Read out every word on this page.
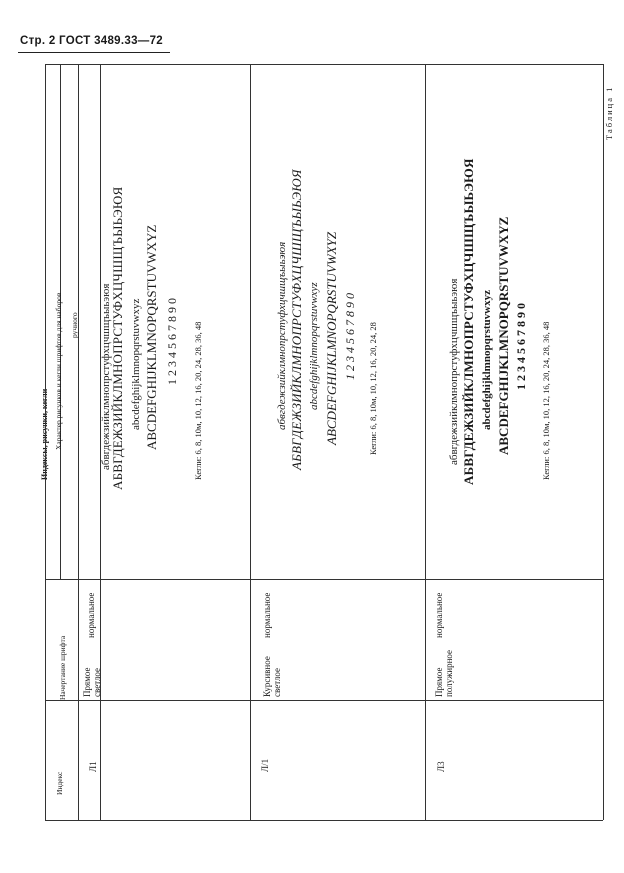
Стр. 2 ГОСТ 3489.33—72
Таблица 1
Индексы, рисунки, кегли
Индекс
Начертание шрифта
Характер рисунков и кегли шрифтов для наборов ручного
Л1
Прямое светлое
нормальное
абвгдежзийклмнопрстуфхцчшщъыьэюя
АБВГДЕЖЗИЙКЛМНОПРСТУФХЦЧШЩЪЫЬЭЮЯ abcdefghijklmnopqrstuvwxyz ABCDEFGHIJKLMNOPQRSTUVWXYZ 1234567890 Кегли: 6, 8, 10м, 10, 12, 16, 20, 24, 28, 36, 48
Л/1
Курсивное светлое
нормальное
абвгдежзийклмнопрстуфхцчшщъыьэюя АБВГДЕЖЗИЙКЛМНОПРСТУФХЦЧШЩЪЫЬЭЮЯ abcdefghijklmnopqrstuvwxyz ABCDEFGHIJKLMNOPQRSTUVWXYZ 1234567890 Кегли: 6, 8, 10м, 10, 12, 16, 20, 24, 28
Л3
Прямое полужирное
нормальное
абвгдежзийклмнопрстуфхцчшщъыьэюя АБВГДЕЖЗИЙКЛМНОПРСТУФХЦЧШЩЪЫЬЭЮЯ abcdefghijklmnopqrstuvwxyz ABCDEFGHIJKLMNOPQRSTUVWXYZ 1234567890 Кегли: 6, 8, 10м, 10, 12, 16, 20, 24, 28, 36, 48
